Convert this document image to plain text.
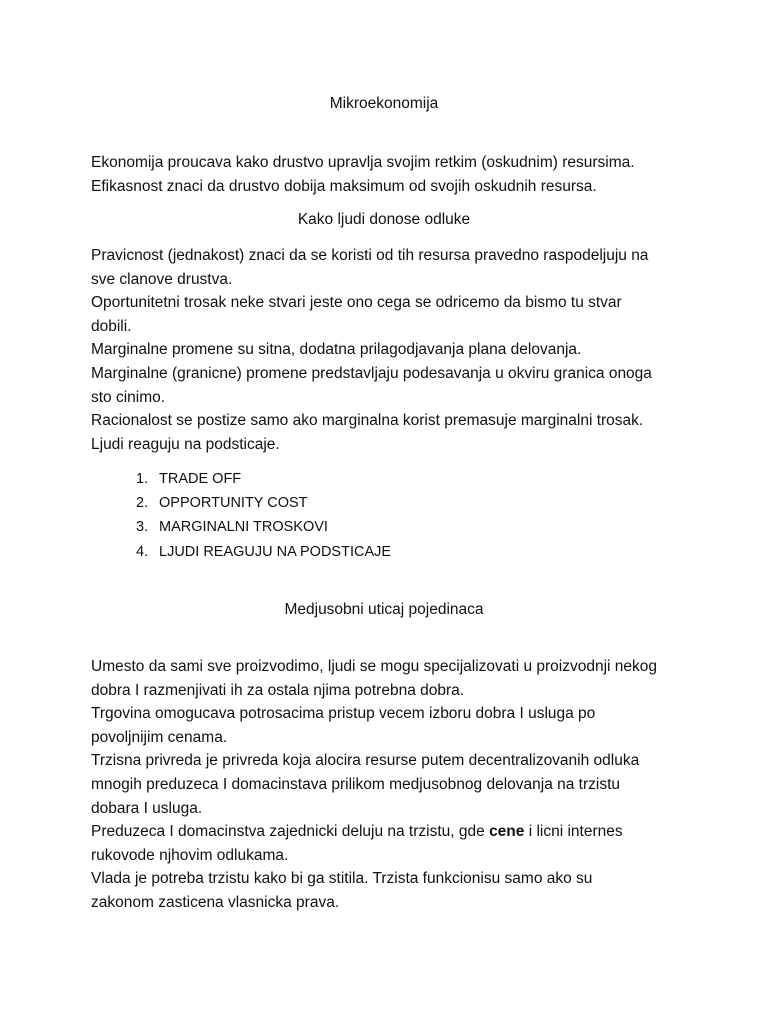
Mikroekonomija

Ekonomija proucava kako drustvo upravlja svojim retkim (oskudnim) resursima.

Efikasnost znaci da drustvo dobija maksimum od svojih oskudnih resursa.

Kako ljudi donose odluke

Pravicnost (jednakost) znaci da se koristi od tih resursa pravedno raspodeljuju na

sve clanove drustva.

Oportunitetni trosak neke stvari jeste ono cega se odricemo da bismo tu stvar

dobili.

Marginalne promene su sitna, dodatna prilagodjavanja plana delovanja.

Marginalne (granicne) promene predstavljaju podesavanja u okviru granica onoga

sto cinimo.

Racionalost se postize samo ako marginalna korist premasuje marginalni trosak.

Ljudi reaguju na podsticaje.

1. TRADE OFF
2. OPPORTUNITY COST
3. MARGINALNI TROSKOVI
4. LJUDI REAGUJU NA PODSTICAJE
Medjusobni uticaj pojedinaca

Umesto da sami sve proizvodimo, ljudi se mogu specijalizovati u proizvodnji nekog

dobra I razmenjivati ih za ostala njima potrebna dobra.

Trgovina omogucava potrosacima pristup vecem izboru dobra I usluga po

povoljnijim cenama.

Trzisna privreda je privreda koja alocira resurse putem decentralizovanih odluka

mnogih preduzeca I domacinstava prilikom medjusobnog delovanja na trzistu

dobara I usluga.

Preduzeca I domacinstva zajednicki deluju na trzistu, gde cene i licni internes

rukovode njhovim odlukama.

Vlada je potreba trzistu kako bi ga stitila. Trzista funkcionisu samo ako su

zakonom zasticena vlasnicka prava.
